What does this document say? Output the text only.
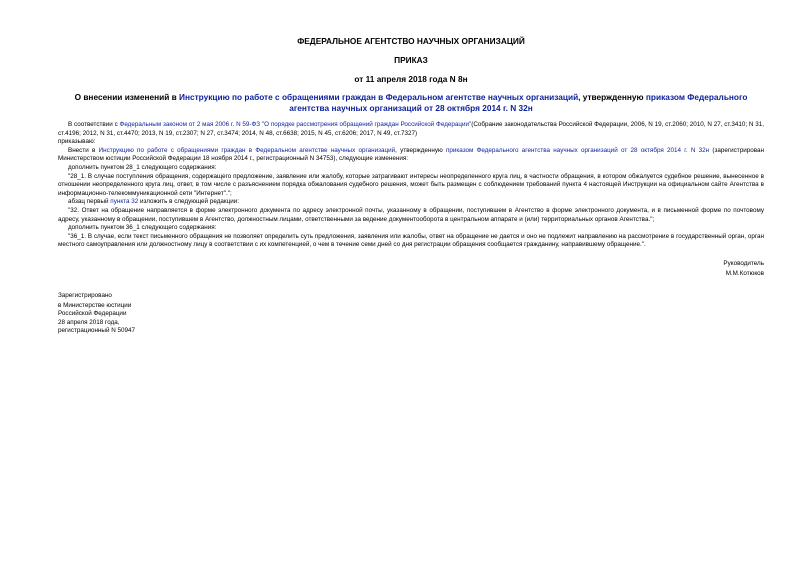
ФЕДЕРАЛЬНОЕ АГЕНТСТВО НАУЧНЫХ ОРГАНИЗАЦИЙ
ПРИКАЗ
от 11 апреля 2018 года N 8н
О внесении изменений в Инструкцию по работе с обращениями граждан в Федеральном агентстве научных организаций, утвержденную приказом Федерального агентства научных организаций от 28 октября 2014 г. N 32н

В соответствии с Федеральным законом от 2 мая 2006 г. N 59-ФЗ "О порядке рассмотрения обращений граждан Российской Федерации"(Собрание законодательства Российской Федерации, 2006, N 19, ст.2060; 2010, N 27, ст.3410; N 31, ст.4196; 2012, N 31, ст.4470; 2013, N 19, ст.2307; N 27, ст.3474; 2014, N 48, ст.6638; 2015, N 45, ст.6206; 2017, N 49, ст.7327)

приказываю:

Внести в Инструкцию по работе с обращениями граждан в Федеральном агентстве научных организаций, утвержденную приказом Федерального агентства научных организаций от 28 октября 2014 г. N 32н (зарегистрирован Министерством юстиции Российской Федерации 18 ноября 2014 г., регистрационный N 34753), следующие изменения:

дополнить пунктом 28_1 следующего содержания:

"28_1. В случае поступления обращения, содержащего предложение, заявление или жалобу, которые затрагивают интересы неопределенного круга лиц, в частности обращения, в котором обжалуется судебное решение, вынесенное в отношении неопределенного круга лиц, ответ, в том числе с разъяснением порядка обжалования судебного решения, может быть размещен с соблюдением требований пункта 4 настоящей Инструкции на официальном сайте Агентства в информационно-телекоммуникационной сети "Интернет".";

абзац первый пункта 32 изложить в следующей редакции:

"32. Ответ на обращение направляется в форме электронного документа по адресу электронной почты, указанному в обращении, поступившем в Агентство в форме электронного документа, и в письменной форме по почтовому адресу, указанному в обращении, поступившем в Агентство, должностным лицами, ответственными за ведение документооборота в центральном аппарате и (или) территориальных органов Агентства.";

дополнить пунктом 36_1 следующего содержания:

"36_1. В случае, если текст письменного обращения не позволяет определить суть предложения, заявления или жалобы, ответ на обращение не дается и оно не подлежит направлению на рассмотрение в государственный орган, орган местного самоуправления или должностному лицу в соответствии с их компетенцией, о чем в течение семи дней со дня регистрации обращения сообщается гражданину, направившему обращение.".

Руководитель
М.М.Котюков
Зарегистрировано
в Министерстве юстиции
Российской Федерации
28 апреля 2018 года,
регистрационный N 50947
